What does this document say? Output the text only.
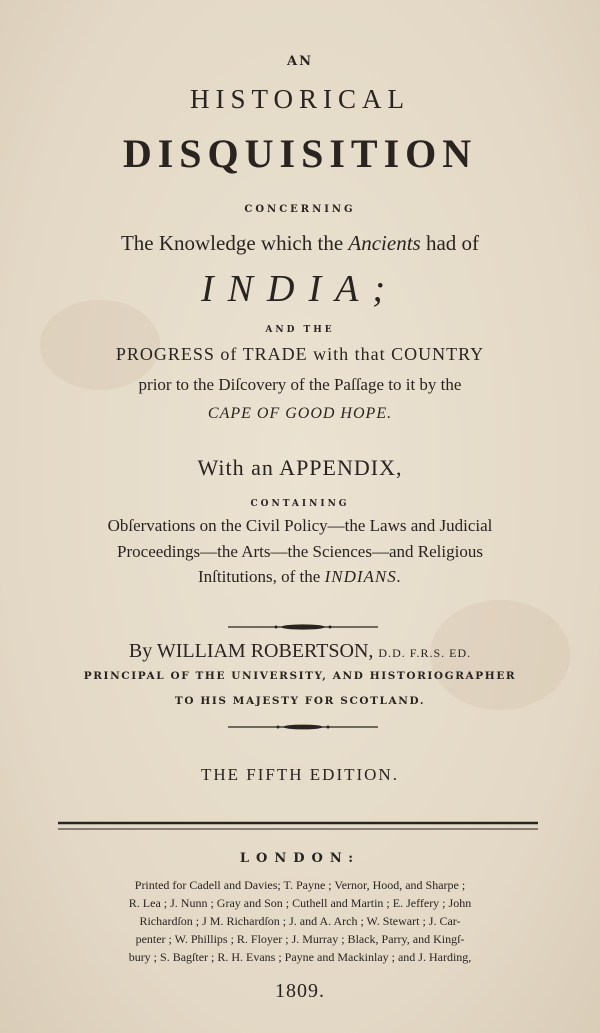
AN
HISTORICAL
DISQUISITION
CONCERNING
The Knowledge which the Ancients had of
INDIA;
AND THE
PROGRESS of TRADE with that COUNTRY
prior to the Diſcovery of the Paſſage to it by the
CAPE OF GOOD HOPE.
With an APPENDIX,
CONTAINING
Obſervations on the Civil Policy—the Laws and Judicial
Proceedings—the Arts—the Sciences—and Religious
Inſtitutions, of the INDIANS.
By WILLIAM ROBERTSON, D.D. F.R.S. ED.
PRINCIPAL OF THE UNIVERSITY, AND HISTORIOGRAPHER
TO HIS MAJESTY FOR SCOTLAND.
THE FIFTH EDITION.
LONDON:
Printed for Cadell and Davies; T. Payne ; Vernor, Hood, and Sharpe ;
R. Lea ; J. Nunn ; Gray and Son ; Cuthell and Martin ; E. Jeffery ; John
Richardſon ; J M. Richardſon ; J. and A. Arch ; W. Stewart ; J. Car-
penter ; W. Phillips ; R. Floyer ; J. Murray ; Black, Parry, and Kingſ-
bury ; S. Bagſter ; R. H. Evans ; Payne and Mackinlay ; and J. Harding,
1809.
